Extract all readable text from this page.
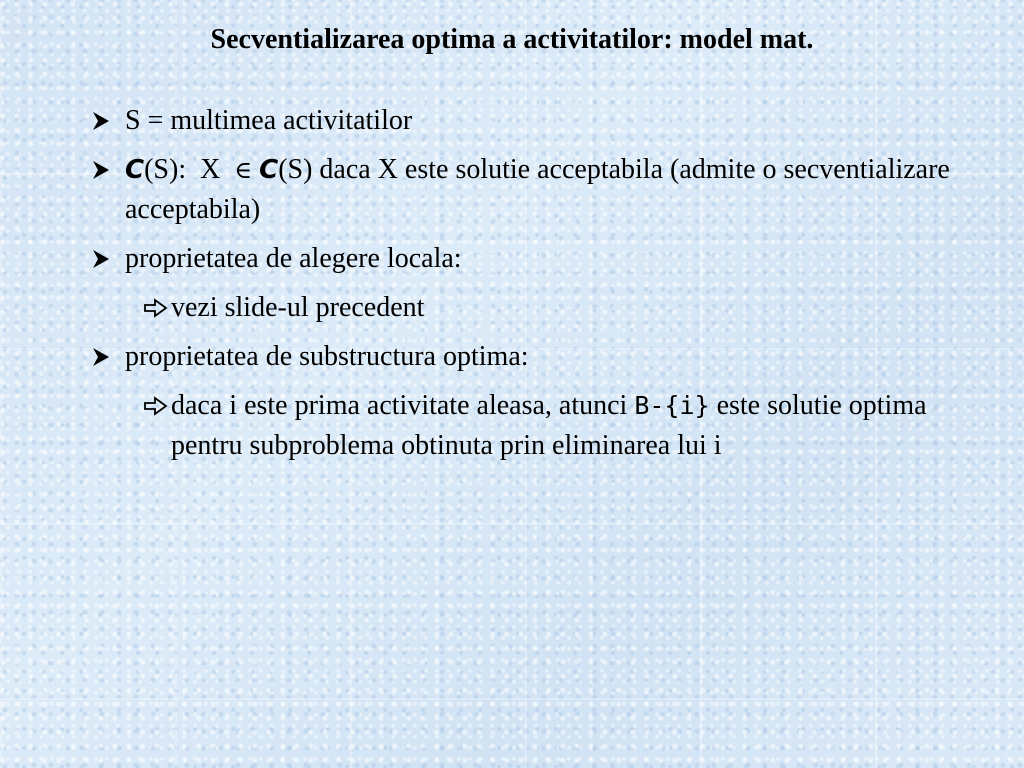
Secventializarea optima a activitatilor: model mat.
S = multimea activitatilor
C(S):  X  ∈ C(S) daca X este solutie acceptabila (admite o secventializare acceptabila)
proprietatea de alegere locala:
vezi slide-ul precedent
proprietatea de substructura optima:
daca i este prima activitate aleasa, atunci B-{i} este solutie optima pentru subproblema obtinuta prin eliminarea lui i
